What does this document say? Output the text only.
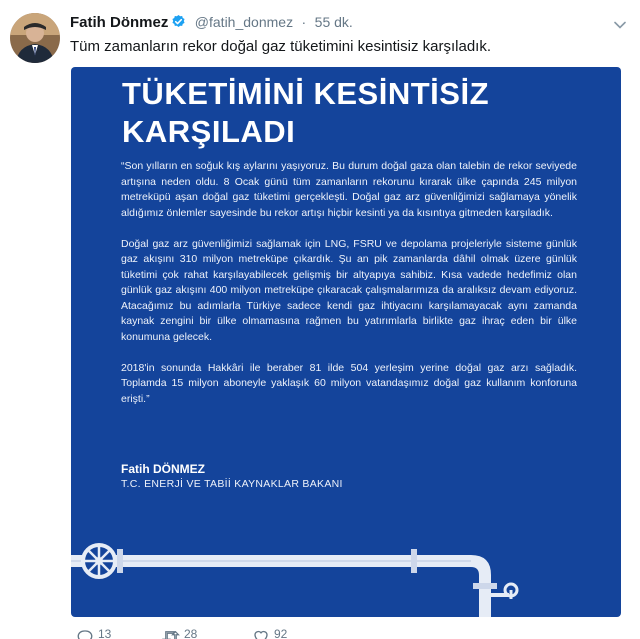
Fatih Dönmez @fatih_donmez · 55 dk.
Tüm zamanların rekor doğal gaz tüketimini kesintisiz karşıladık.
TÜKETİMİNİ KESİNTİSİZ
KARŞILADI

“Son yılların en soğuk kış aylarını yaşıyoruz. Bu durum doğal gaza olan talebin de rekor seviyede artışına neden oldu. 8 Ocak günü tüm zamanların rekorunu kırarak ülke çapında 245 milyon metreküpü aşan doğal gaz tüketimi gerçekleşti. Doğal gaz arz güvenliğimizi sağlamaya yönelik aldığımız önlemler sayesinde bu rekor artışı hiçbir kesinti ya da kısıntıya gitmeden karşıladık.

Doğal gaz arz güvenliğimizi sağlamak için LNG, FSRU ve depolama projeleriyle sisteme günlük gaz akışını 310 milyon metreküpe çıkardık. Şu an pik zamanlarda dâhil olmak üzere günlük tüketimi çok rahat karşılayabilecek gelişmiş bir altyapıya sahibiz. Kısa vadede hedefimiz olan günlük gaz akışını 400 milyon metreküpe çıkaracak çalışmalarımıza da aralıksız devam ediyoruz. Atacağımız bu adımlarla Türkiye sadece kendi gaz ihtiyacını karşılamayacak aynı zamanda kaynak zengini bir ülke olmamasına rağmen bu yatırımlarla birlikte gaz ihraç eden bir ülke konumuna gelecek.

2018'in sonunda Hakkâri ile beraber 81 ilde 504 yerleşim yerine doğal gaz arzı sağladık. Toplamda 15 milyon aboneyle yaklaşık 60 milyon vatandaşımız doğal gaz kullanım konforuna erişti.”

Fatih DÖNMEZ
T.C. ENERJİ VE TABİİ KAYNAKLAR BAKANI
13	28	92
